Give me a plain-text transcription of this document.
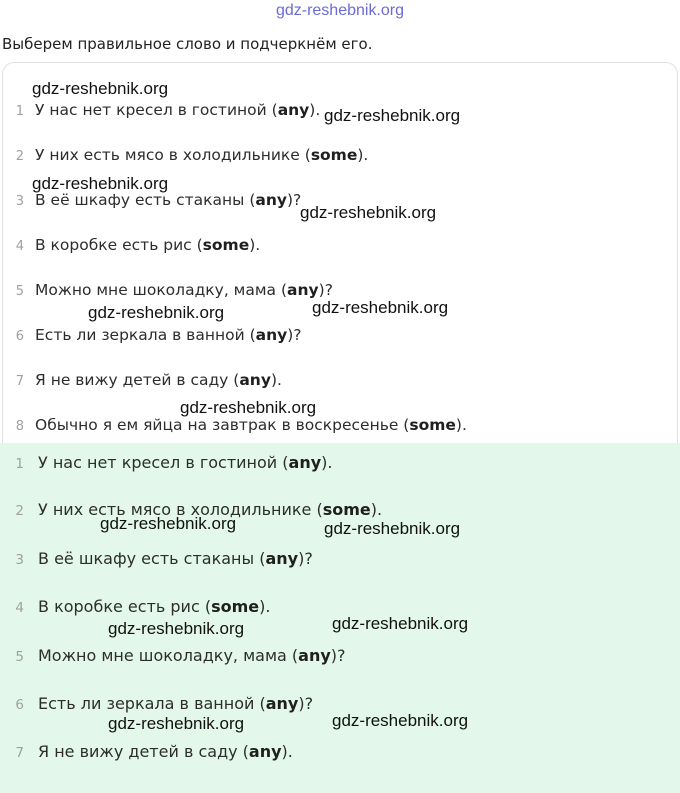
gdz-reshebnik.org
Выберем правильное слово и подчеркнём его.
1 У нас нет кресел в гостиной (any).
2 У них есть мясо в холодильнике (some).
3 В её шкафу есть стаканы (any)?
4 В коробке есть рис (some).
5 Можно мне шоколадку, мама (any)?
6 Есть ли зеркала в ванной (any)?
7 Я не вижу детей в саду (any).
8 Обычно я ем яйца на завтрак в воскресенье (some).
1 У нас нет кресел в гостиной (any).
2 У них есть мясо в холодильнике (some).
3 В её шкафу есть стаканы (any)?
4 В коробке есть рис (some).
5 Можно мне шоколадку, мама (any)?
6 Есть ли зеркала в ванной (any)?
7 Я не вижу детей в саду (any).
gdz-reshebnik.org
gdz-reshebnik.org
gdz-reshebnik.org
gdz-reshebnik.org
gdz-reshebnik.org
gdz-reshebnik.org
gdz-reshebnik.org
gdz-reshebnik.org	gdz-reshebnik.org
gdz-reshebnik.org
gdz-reshebnik.org
gdz-reshebnik.org
gdz-reshebnik.org
